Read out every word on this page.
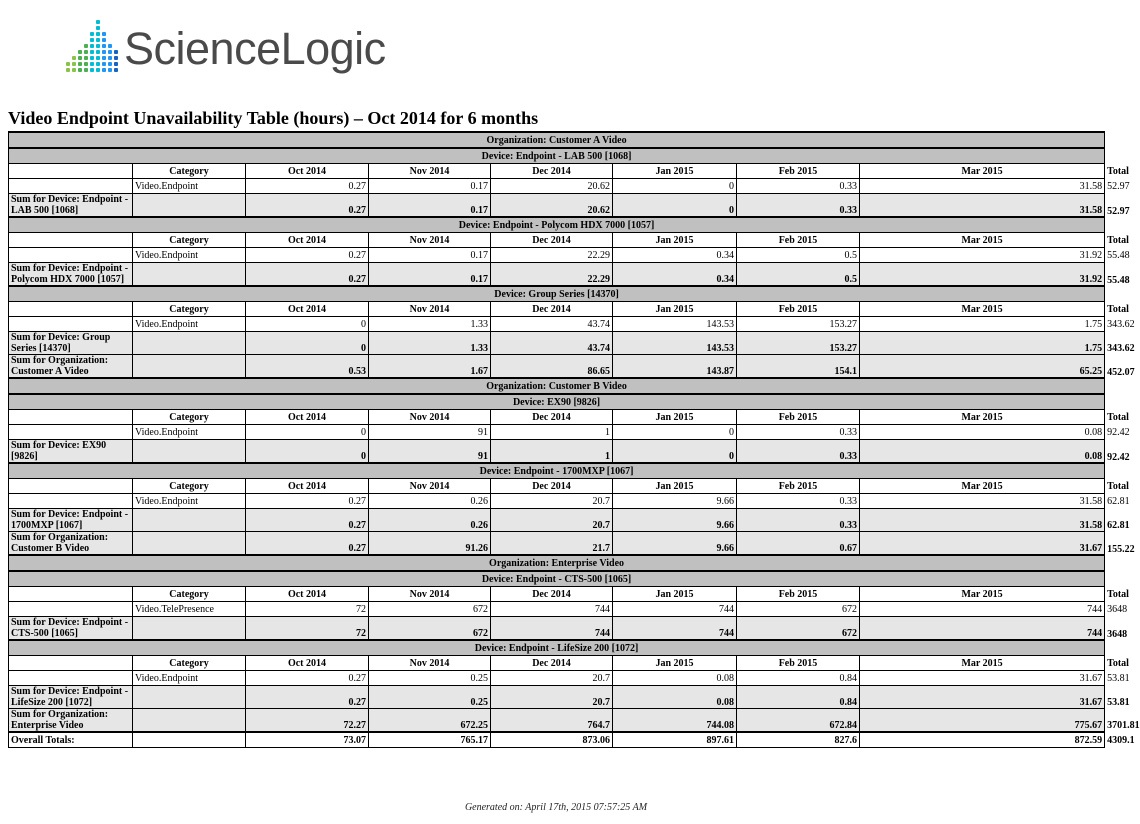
ScienceLogic
Video Endpoint Unavailability Table (hours) – Oct 2014 for 6 months
Organization: Customer A Video								
Device: Endpoint - LAB 500 [1068]								
	Category	Oct 2014	Nov 2014	Dec 2014	Jan 2015	Feb 2015	Mar 2015	Total
	Video.Endpoint	0.27	0.17	20.62	0	0.33	31.58	52.97
Sum for Device: Endpoint - LAB 500 [1068]		0.27	0.17	20.62	0	0.33	31.58	52.97
Device: Endpoint - Polycom HDX 7000 [1057]								
	Category	Oct 2014	Nov 2014	Dec 2014	Jan 2015	Feb 2015	Mar 2015	Total
	Video.Endpoint	0.27	0.17	22.29	0.34	0.5	31.92	55.48
Sum for Device: Endpoint - Polycom HDX 7000 [1057]		0.27	0.17	22.29	0.34	0.5	31.92	55.48
Device: Group Series [14370]								
	Category	Oct 2014	Nov 2014	Dec 2014	Jan 2015	Feb 2015	Mar 2015	Total
	Video.Endpoint	0	1.33	43.74	143.53	153.27	1.75	343.62
Sum for Device: Group Series [14370]		0	1.33	43.74	143.53	153.27	1.75	343.62
Sum for Organization: Customer A Video		0.53	1.67	86.65	143.87	154.1	65.25	452.07
Organization: Customer B Video								
Device: EX90 [9826]								
	Category	Oct 2014	Nov 2014	Dec 2014	Jan 2015	Feb 2015	Mar 2015	Total
	Video.Endpoint	0	91	1	0	0.33	0.08	92.42
Sum for Device: EX90 [9826]		0	91	1	0	0.33	0.08	92.42
Device: Endpoint - 1700MXP [1067]								
	Category	Oct 2014	Nov 2014	Dec 2014	Jan 2015	Feb 2015	Mar 2015	Total
	Video.Endpoint	0.27	0.26	20.7	9.66	0.33	31.58	62.81
Sum for Device: Endpoint - 1700MXP [1067]		0.27	0.26	20.7	9.66	0.33	31.58	62.81
Sum for Organization: Customer B Video		0.27	91.26	21.7	9.66	0.67	31.67	155.22
Organization: Enterprise Video								
Device: Endpoint - CTS-500 [1065]								
	Category	Oct 2014	Nov 2014	Dec 2014	Jan 2015	Feb 2015	Mar 2015	Total
	Video.TelePresence	72	672	744	744	672	744	3648
Sum for Device: Endpoint - CTS-500 [1065]		72	672	744	744	672	744	3648
Device: Endpoint - LifeSize 200 [1072]								
	Category	Oct 2014	Nov 2014	Dec 2014	Jan 2015	Feb 2015	Mar 2015	Total
	Video.Endpoint	0.27	0.25	20.7	0.08	0.84	31.67	53.81
Sum for Device: Endpoint - LifeSize 200 [1072]		0.27	0.25	20.7	0.08	0.84	31.67	53.81
Sum for Organization: Enterprise Video		72.27	672.25	764.7	744.08	672.84	775.67	3701.81
Overall Totals:		73.07	765.17	873.06	897.61	827.6	872.59	4309.1
Generated on: April 17th, 2015 07:57:25 AM
